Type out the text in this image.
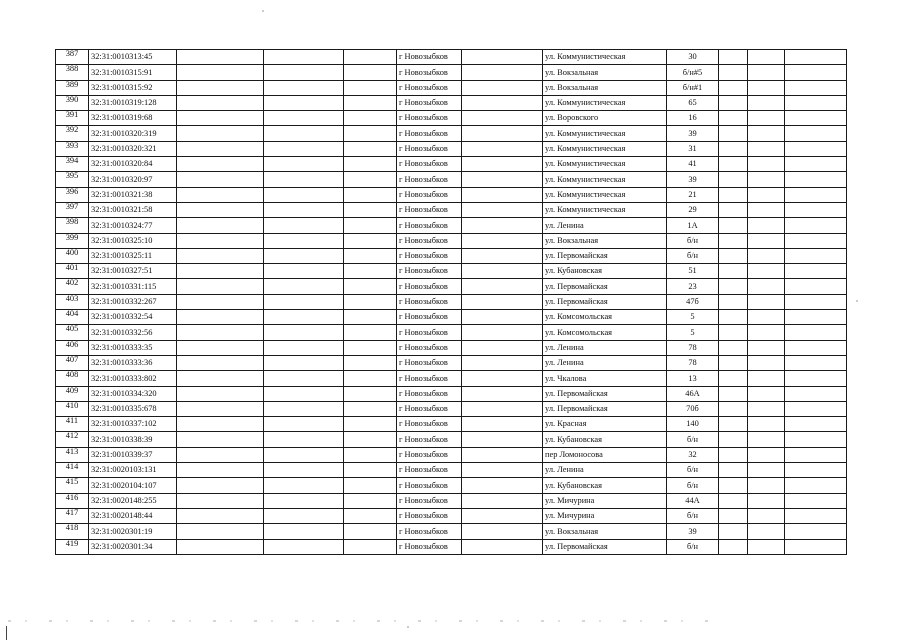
387	32:31:0010313:45				г Новозыбков		ул. Коммунистическая	30			
388	32:31:0010315:91				г Новозыбков		ул. Вокзальная	б/н#5			
389	32:31:0010315:92				г Новозыбков		ул. Вокзальная	б/н#1			
390	32:31:0010319:128				г Новозыбков		ул. Коммунистическая	65			
391	32:31:0010319:68				г Новозыбков		ул. Воровского	16			
392	32:31:0010320:319				г Новозыбков		ул. Коммунистическая	39			
393	32:31:0010320:321				г Новозыбков		ул. Коммунистическая	31			
394	32:31:0010320:84				г Новозыбков		ул. Коммунистическая	41			
395	32:31:0010320:97				г Новозыбков		ул. Коммунистическая	39			
396	32:31:0010321:38				г Новозыбков		ул. Коммунистическая	21			
397	32:31:0010321:58				г Новозыбков		ул. Коммунистическая	29			
398	32:31:0010324:77				г Новозыбков		ул. Ленина	1А			
399	32:31:0010325:10				г Новозыбков		ул. Вокзальная	б/н			
400	32:31:0010325:11				г Новозыбков		ул. Первомайская	б/н			
401	32:31:0010327:51				г Новозыбков		ул. Кубановская	51			
402	32:31:0010331:115				г Новозыбков		ул. Первомайская	23			
403	32:31:0010332:267				г Новозыбков		ул. Первомайская	47б			
404	32:31:0010332:54				г Новозыбков		ул. Комсомольская	5			
405	32:31:0010332:56				г Новозыбков		ул. Комсомольская	5			
406	32:31:0010333:35				г Новозыбков		ул. Ленина	78			
407	32:31:0010333:36				г Новозыбков		ул. Ленина	78			
408	32:31:0010333:802				г Новозыбков		ул. Чкалова	13			
409	32:31:0010334:320				г Новозыбков		ул. Первомайская	46А			
410	32:31:0010335:678				г Новозыбков		ул. Первомайская	70б			
411	32:31:0010337:102				г Новозыбков		ул. Красная	140			
412	32:31:0010338:39				г Новозыбков		ул. Кубановская	б/н			
413	32:31:0010339:37				г Новозыбков		пер Ломоносова	32			
414	32:31:0020103:131				г Новозыбков		ул. Ленина	б/н			
415	32:31:0020104:107				г Новозыбков		ул. Кубановская	б/н			
416	32:31:0020148:255				г Новозыбков		ул. Мичурина	44А			
417	32:31:0020148:44				г Новозыбков		ул. Мичурина	б/н			
418	32:31:0020301:19				г Новозыбков		ул. Вокзальная	39			
419	32:31:0020301:34				г Новозыбков		ул. Первомайская	б/н			
